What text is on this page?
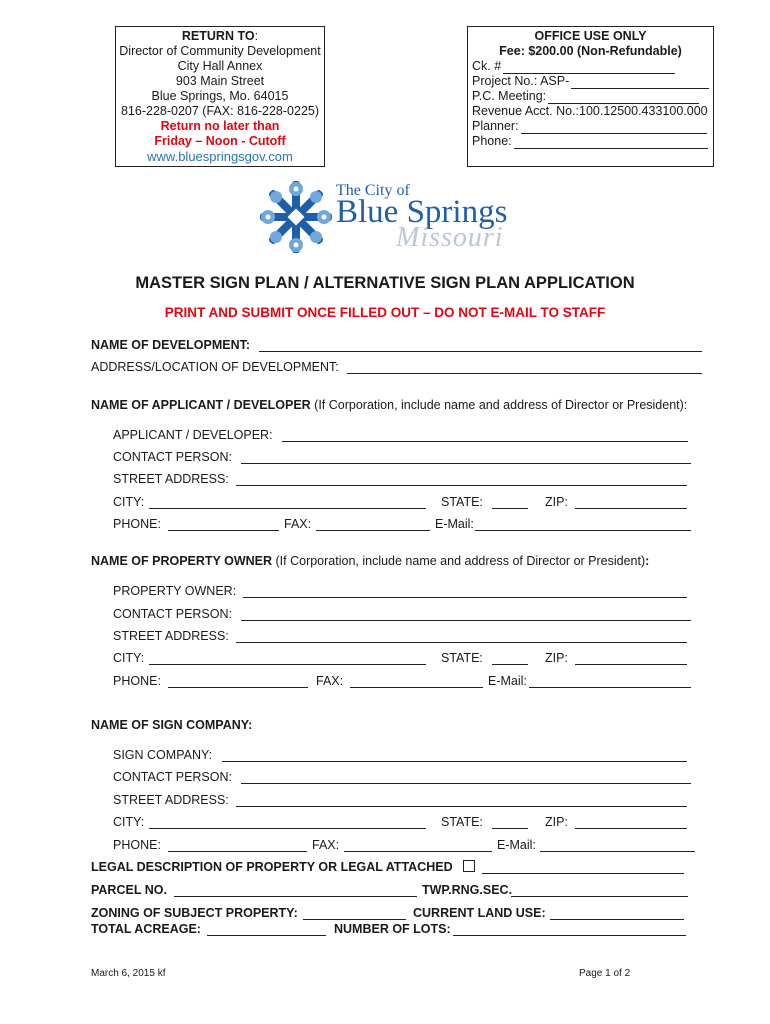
RETURN TO:
Director of Community Development
City Hall Annex
903 Main Street
Blue Springs, Mo. 64015
816-228-0207 (FAX: 816-228-0225)
Return no later than
Friday – Noon - Cutoff
www.bluespringsgov.com
OFFICE USE ONLY
Fee: $200.00 (Non-Refundable)
Ck. #
Project No.: ASP-
P.C. Meeting:
Revenue Acct. No.:100.12500.433100.000
Planner:
Phone:
The City of
Blue Springs
Missouri
MASTER SIGN PLAN / ALTERNATIVE SIGN PLAN APPLICATION
PRINT AND SUBMIT ONCE FILLED OUT – DO NOT E-MAIL TO STAFF
NAME OF DEVELOPMENT:
ADDRESS/LOCATION OF DEVELOPMENT:
NAME OF APPLICANT / DEVELOPER (If Corporation, include name and address of Director or President):
APPLICANT / DEVELOPER:
CONTACT PERSON:
STREET ADDRESS:
CITY:	STATE:	ZIP:
PHONE:	FAX:	E-Mail:
NAME OF PROPERTY OWNER (If Corporation, include name and address of Director or President):
PROPERTY OWNER:
CONTACT PERSON:
STREET ADDRESS:
CITY:	STATE:	ZIP:
PHONE:	FAX:	E-Mail:
NAME OF SIGN COMPANY:
SIGN COMPANY:
CONTACT PERSON:
STREET ADDRESS:
CITY:	STATE:	ZIP:
PHONE:	FAX:	E-Mail:
LEGAL DESCRIPTION OF PROPERTY OR LEGAL ATTACHED
PARCEL NO.	TWP.RNG.SEC.
ZONING OF SUBJECT PROPERTY:	CURRENT LAND USE:
TOTAL ACREAGE:	NUMBER OF LOTS:
March 6, 2015 kf	Page 1 of 2
